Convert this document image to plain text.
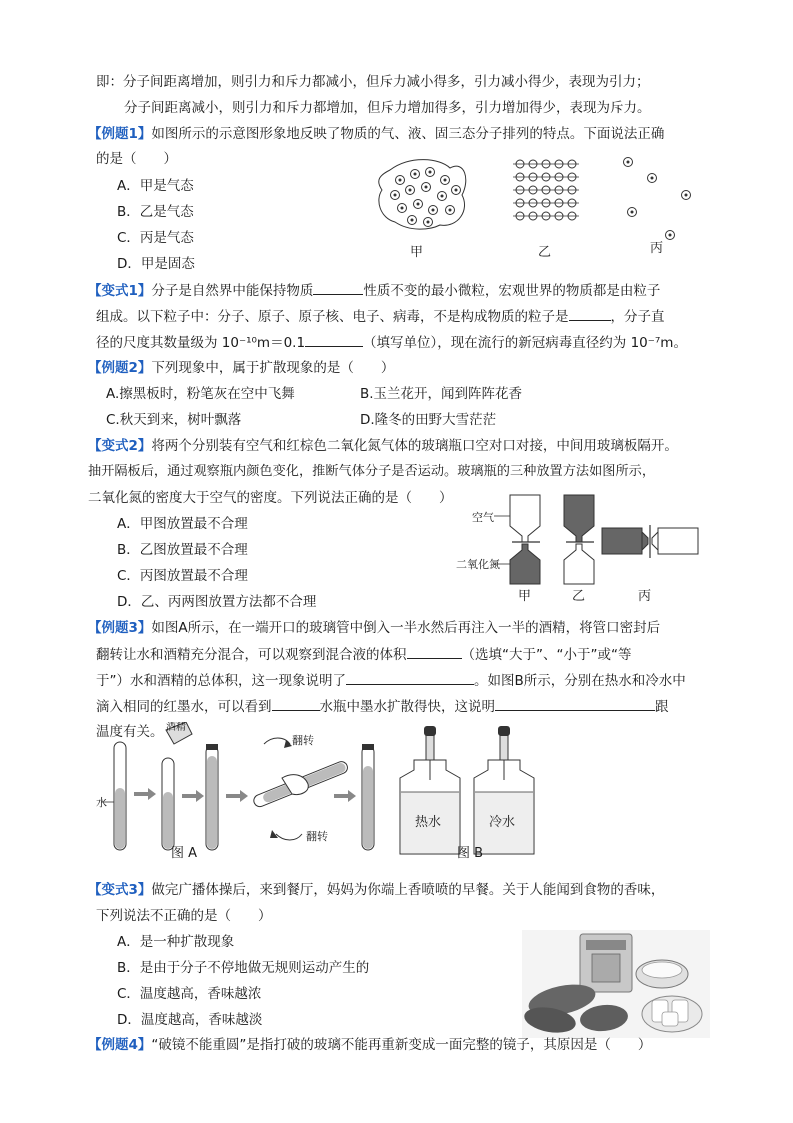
即：分子间距离增加，则引力和斥力都减小，但斥力减小得多，引力减小得少，表现为引力；
分子间距离减小，则引力和斥力都增加，但斥力增加得多，引力增加得少，表现为斥力。
【例题1】如图所示的示意图形象地反映了物质的气、液、固三态分子排列的特点。下面说法正确
的是（　　）
A．甲是气态
B．乙是气态
C．丙是气态
D．甲是固态
甲	乙	丙
【变式1】分子是自然界中能保持物质	性质不变的最小微粒，宏观世界的物质都是由粒子
组成。以下粒子中：分子、原子、原子核、电子、病毒，不是构成物质的粒子是	，分子直
径的尺度其数量级为 10⁻¹⁰m＝0.1	（填写单位），现在流行的新冠病毒直径约为 10⁻⁷m。
【例题2】下列现象中，属于扩散现象的是（　　）
A.擦黑板时，粉笔灰在空中飞舞	B.玉兰花开，闻到阵阵花香
C.秋天到来，树叶飘落	D.隆冬的田野大雪茫茫
【变式2】将两个分别装有空气和红棕色二氧化氮气体的玻璃瓶口空对口对接，中间用玻璃板隔开。
抽开隔板后，通过观察瓶内颜色变化，推断气体分子是否运动。玻璃瓶的三种放置方法如图所示，
二氧化氮的密度大于空气的密度。下列说法正确的是（　　）
A．甲图放置最不合理
B．乙图放置最不合理
C．丙图放置最不合理
D．乙、丙两图放置方法都不合理
空气
二氧化氮
甲	乙	丙
【例题3】如图A所示，在一端开口的玻璃管中倒入一半水然后再注入一半的酒精，将管口密封后
翻转让水和酒精充分混合，可以观察到混合液的体积	（选填“大于”、“小于”或“等
于”）水和酒精的总体积，这一现象说明了	。如图B所示，分别在热水和冷水中
滴入相同的红墨水，可以看到	水瓶中墨水扩散得快，这说明	跟
温度有关。
水
酒精
翻转
翻转
热水	冷水
图 A	图 B
【变式3】做完广播体操后，来到餐厅，妈妈为你端上香喷喷的早餐。关于人能闻到食物的香味，
下列说法不正确的是（　　）
A．是一种扩散现象
B．是由于分子不停地做无规则运动产生的
C．温度越高，香味越浓
D．温度越高，香味越淡
【例题4】“破镜不能重圆”是指打破的玻璃不能再重新变成一面完整的镜子，其原因是（　　）
